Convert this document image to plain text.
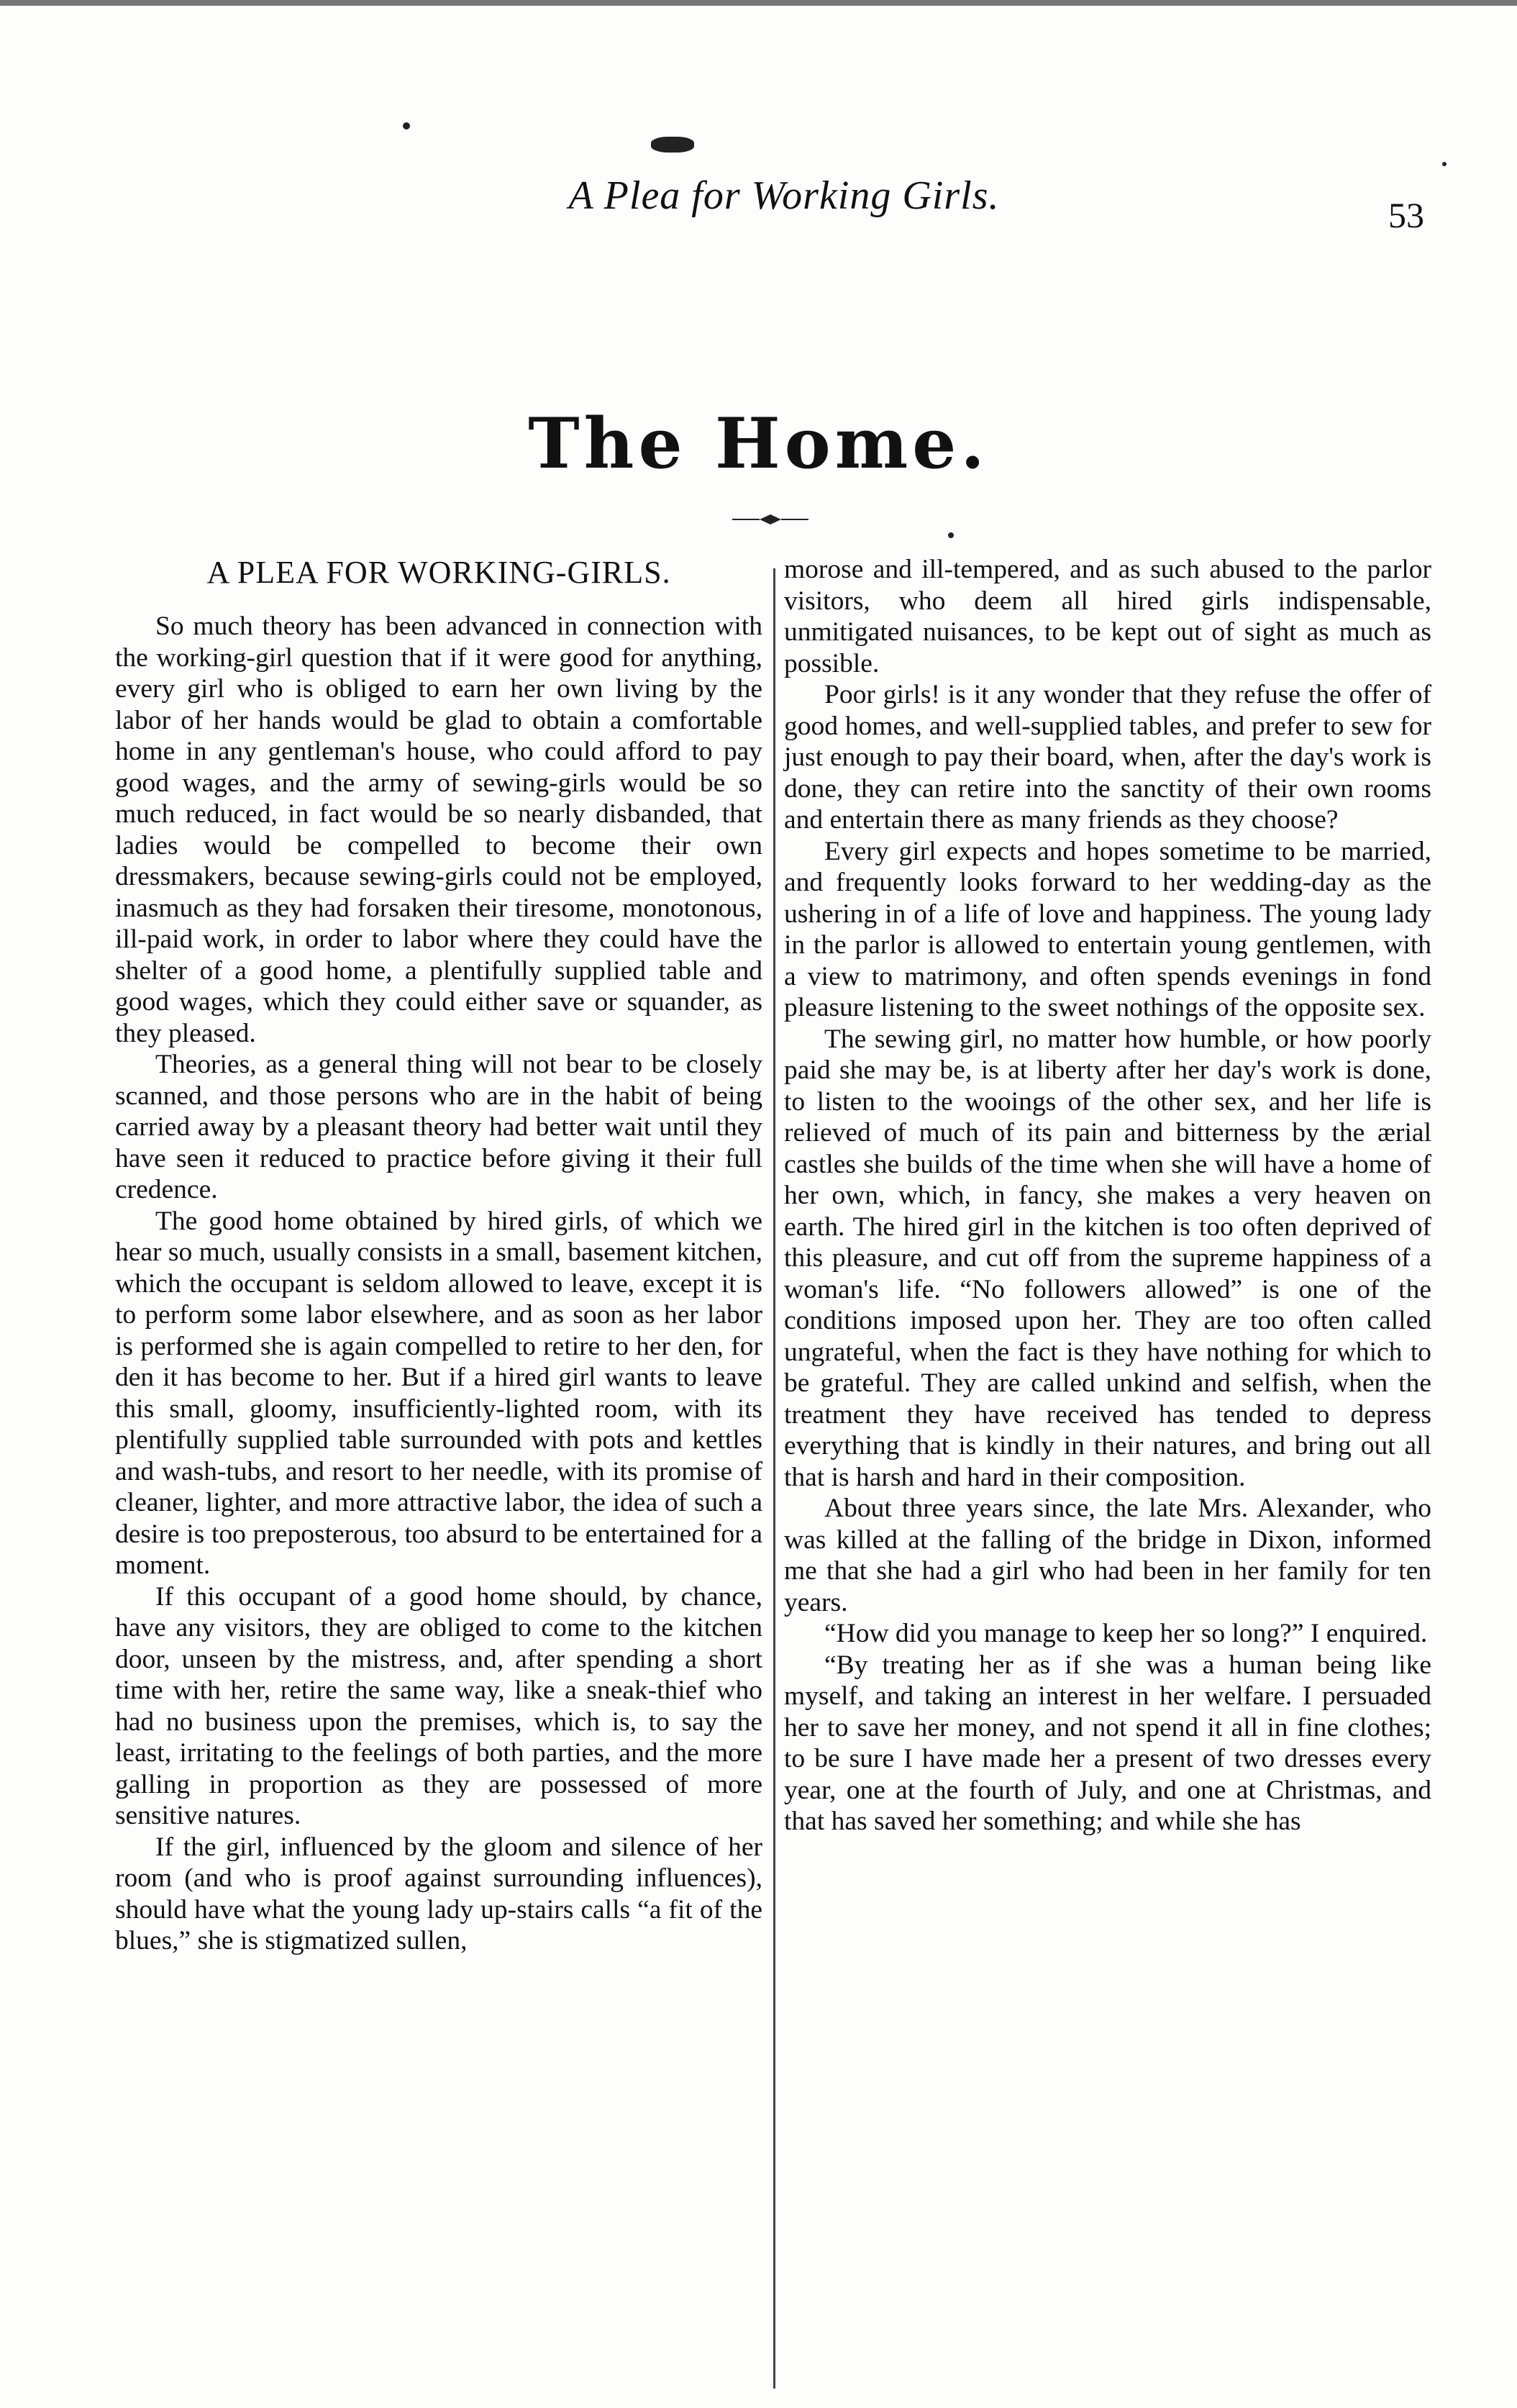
A Plea for Working Girls.	53
The Home.
A PLEA FOR WORKING-GIRLS.

So much theory has been advanced in connection with the working-girl question that if it were good for anything, every girl who is obliged to earn her own living by the labor of her hands would be glad to obtain a comfortable home in any gentleman's house, who could afford to pay good wages, and the army of sewing-girls would be so much reduced, in fact would be so nearly disbanded, that ladies would be compelled to become their own dressmakers, because sewing-girls could not be employed, inasmuch as they had forsaken their tiresome, monotonous, ill-paid work, in order to labor where they could have the shelter of a good home, a plentifully supplied table and good wages, which they could either save or squander, as they pleased.

Theories, as a general thing will not bear to be closely scanned, and those persons who are in the habit of being carried away by a pleasant theory had better wait until they have seen it reduced to practice before giving it their full credence.

The good home obtained by hired girls, of which we hear so much, usually consists in a small, basement kitchen, which the occupant is seldom allowed to leave, except it is to perform some labor elsewhere, and as soon as her labor is performed she is again compelled to retire to her den, for den it has become to her. But if a hired girl wants to leave this small, gloomy, insufficiently-lighted room, with its plentifully supplied table surrounded with pots and kettles and wash-tubs, and resort to her needle, with its promise of cleaner, lighter, and more attractive labor, the idea of such a desire is too preposterous, too absurd to be entertained for a moment.

If this occupant of a good home should, by chance, have any visitors, they are obliged to come to the kitchen door, unseen by the mistress, and, after spending a short time with her, retire the same way, like a sneak-thief who had no business upon the premises, which is, to say the least, irritating to the feelings of both parties, and the more galling in proportion as they are possessed of more sensitive natures.

If the girl, influenced by the gloom and silence of her room (and who is proof against surrounding influences), should have what the young lady up-stairs calls “a fit of the blues,” she is stigmatized sullen,

morose and ill-tempered, and as such abused to the parlor visitors, who deem all hired girls indispensable, unmitigated nuisances, to be kept out of sight as much as possible.

Poor girls! is it any wonder that they refuse the offer of good homes, and well-supplied tables, and prefer to sew for just enough to pay their board, when, after the day's work is done, they can retire into the sanctity of their own rooms and entertain there as many friends as they choose?

Every girl expects and hopes sometime to be married, and frequently looks forward to her wedding-day as the ushering in of a life of love and happiness. The young lady in the parlor is allowed to entertain young gentlemen, with a view to matrimony, and often spends evenings in fond pleasure listening to the sweet nothings of the opposite sex.

The sewing girl, no matter how humble, or how poorly paid she may be, is at liberty after her day's work is done, to listen to the wooings of the other sex, and her life is relieved of much of its pain and bitterness by the ærial castles she builds of the time when she will have a home of her own, which, in fancy, she makes a very heaven on earth. The hired girl in the kitchen is too often deprived of this pleasure, and cut off from the supreme happiness of a woman's life. “No followers allowed” is one of the conditions imposed upon her. They are too often called ungrateful, when the fact is they have nothing for which to be grateful. They are called unkind and selfish, when the treatment they have received has tended to depress everything that is kindly in their natures, and bring out all that is harsh and hard in their composition.

About three years since, the late Mrs. Alexander, who was killed at the falling of the bridge in Dixon, informed me that she had a girl who had been in her family for ten years.

“How did you manage to keep her so long?” I enquired.

“By treating her as if she was a human being like myself, and taking an interest in her welfare. I persuaded her to save her money, and not spend it all in fine clothes; to be sure I have made her a present of two dresses every year, one at the fourth of July, and one at Christmas, and that has saved her something; and while she has
